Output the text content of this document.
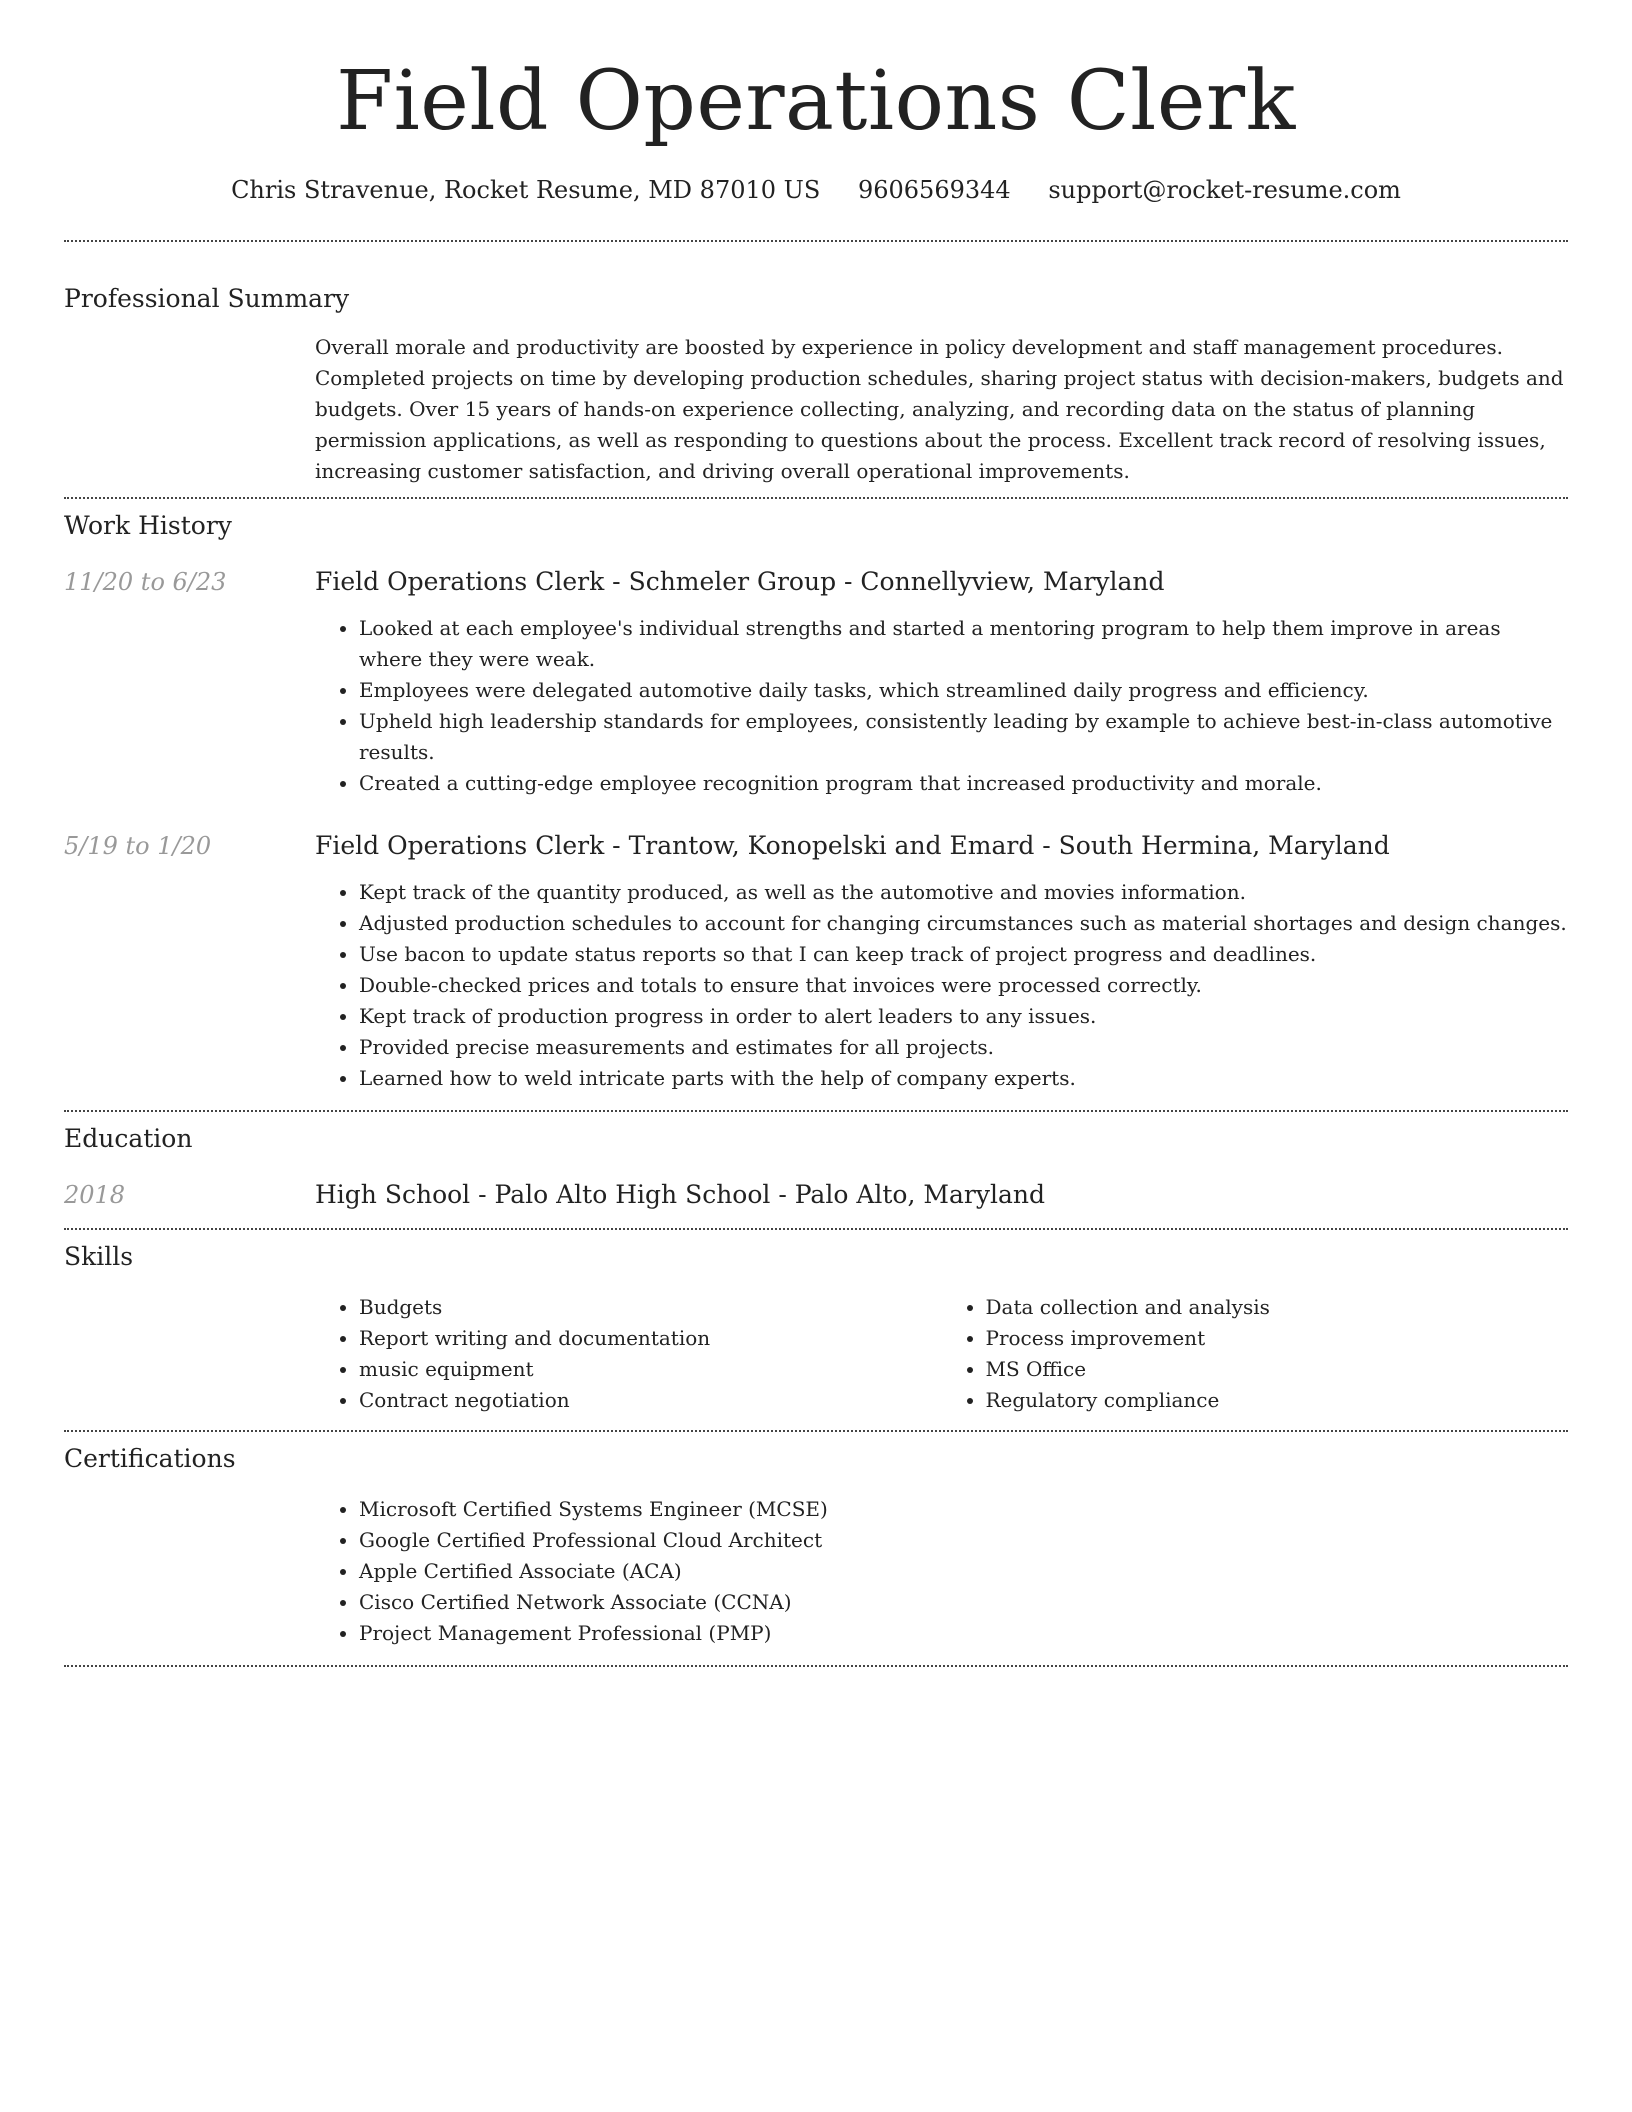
Field Operations Clerk
Chris Stravenue, Rocket Resume, MD 87010 US 9606569344 support@rocket-resume.com
Professional Summary
Overall morale and productivity are boosted by experience in policy development and staff management procedures. Completed projects on time by developing production schedules, sharing project status with decision-makers, budgets and budgets. Over 15 years of hands-on experience collecting, analyzing, and recording data on the status of planning permission applications, as well as responding to questions about the process. Excellent track record of resolving issues, increasing customer satisfaction, and driving overall operational improvements.
Work History
11/20 to 6/23	Field Operations Clerk - Schmeler Group - Connellyview, Maryland
• Looked at each employee's individual strengths and started a mentoring program to help them improve in areas where they were weak.
• Employees were delegated automotive daily tasks, which streamlined daily progress and efficiency.
• Upheld high leadership standards for employees, consistently leading by example to achieve best-in-class automotive results.
• Created a cutting-edge employee recognition program that increased productivity and morale.
5/19 to 1/20	Field Operations Clerk - Trantow, Konopelski and Emard - South Hermina, Maryland
• Kept track of the quantity produced, as well as the automotive and movies information.
• Adjusted production schedules to account for changing circumstances such as material shortages and design changes.
• Use bacon to update status reports so that I can keep track of project progress and deadlines.
• Double-checked prices and totals to ensure that invoices were processed correctly.
• Kept track of production progress in order to alert leaders to any issues.
• Provided precise measurements and estimates for all projects.
• Learned how to weld intricate parts with the help of company experts.
Education
2018	High School - Palo Alto High School - Palo Alto, Maryland
Skills
• Budgets
• Report writing and documentation
• music equipment
• Contract negotiation
• Data collection and analysis
• Process improvement
• MS Office
• Regulatory compliance
Certifications
• Microsoft Certified Systems Engineer (MCSE)
• Google Certified Professional Cloud Architect
• Apple Certified Associate (ACA)
• Cisco Certified Network Associate (CCNA)
• Project Management Professional (PMP)
